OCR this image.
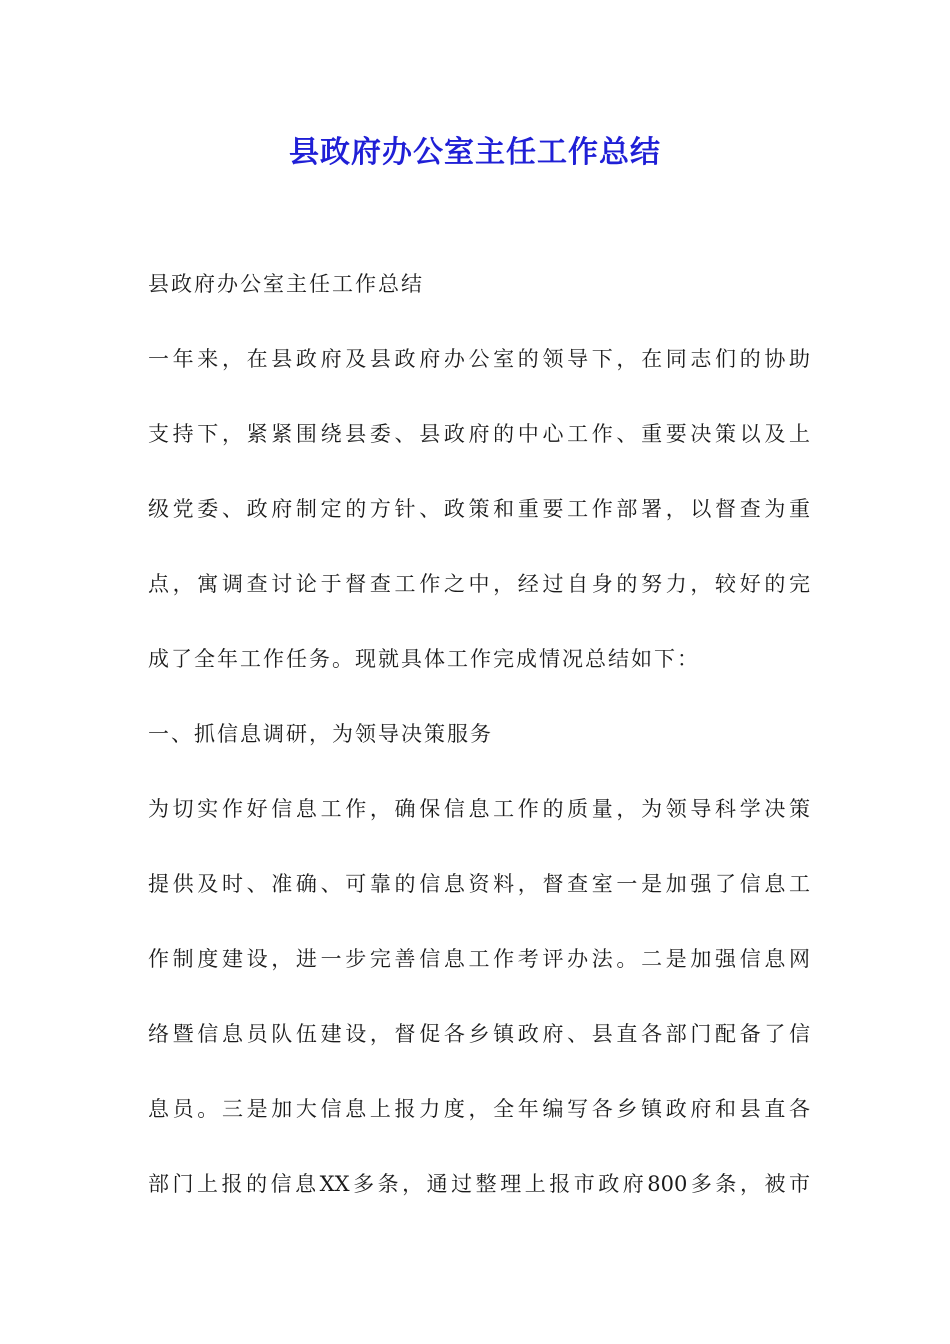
县政府办公室主任工作总结
县政府办公室主任工作总结
一年来，在县政府及县政府办公室的领导下，在同志们的协助
支持下，紧紧围绕县委、县政府的中心工作、重要决策以及上
级党委、政府制定的方针、政策和重要工作部署，以督查为重
点，寓调查讨论于督查工作之中，经过自身的努力，较好的完
成了全年工作任务。现就具体工作完成情况总结如下：
一、抓信息调研，为领导决策服务
为切实作好信息工作，确保信息工作的质量，为领导科学决策
提供及时、准确、可靠的信息资料，督查室一是加强了信息工
作制度建设，进一步完善信息工作考评办法。二是加强信息网
络暨信息员队伍建设，督促各乡镇政府、县直各部门配备了信
息员。三是加大信息上报力度，全年编写各乡镇政府和县直各
部门上报的信息XX多条，通过整理上报市政府800多条，被市
